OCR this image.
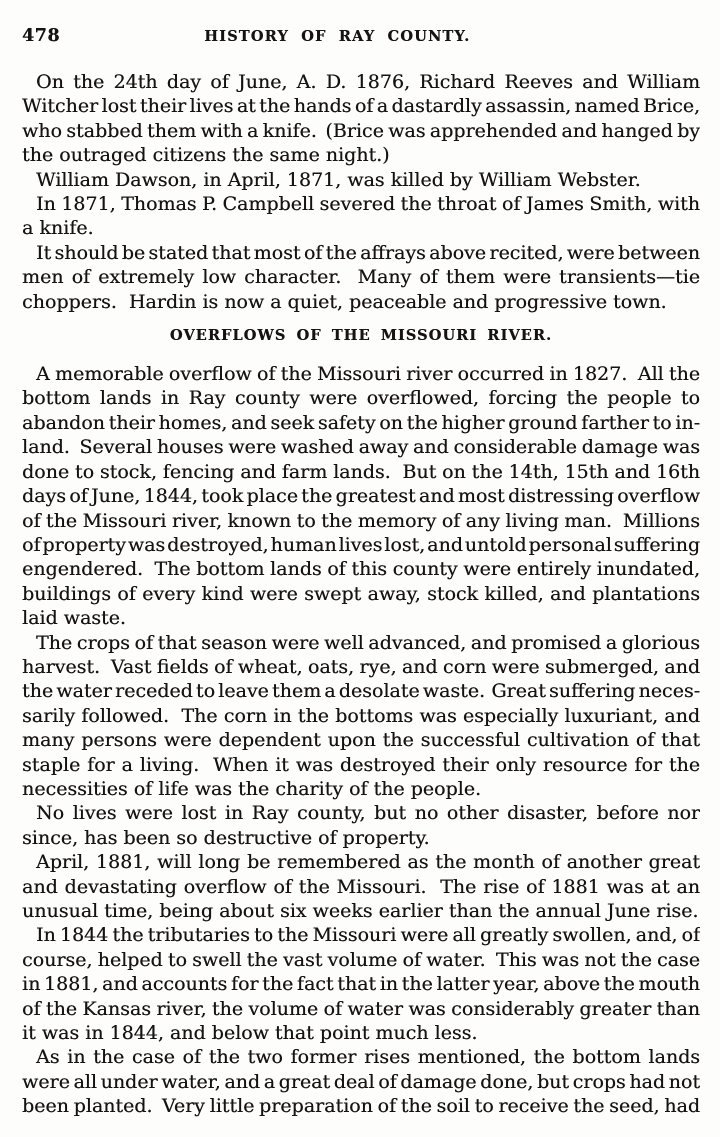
478	HISTORY OF RAY COUNTY.
On the 24th day of June, A. D. 1876, Richard Reeves and William
Witcher lost their lives at the hands of a dastardly assassin, named Brice,
who stabbed them with a knife.  (Brice was apprehended and hanged by
the outraged citizens the same night.)
William Dawson, in April, 1871, was killed by William Webster.
In 1871, Thomas P. Campbell severed the throat of James Smith, with
a knife.
It should be stated that most of the affrays above recited, were between
men of extremely low character.  Many of them were transients—tie
choppers.  Hardin is now a quiet, peaceable and progressive town.
OVERFLOWS OF THE MISSOURI RIVER.
A memorable overflow of the Missouri river occurred in 1827.  All the
bottom lands in Ray county were overflowed, forcing the people to
abandon their homes, and seek safety on the higher ground farther to in-
land.  Several houses were washed away and considerable damage was
done to stock, fencing and farm lands.  But on the 14th, 15th and 16th
days of June, 1844, took place the greatest and most distressing overflow
of the Missouri river, known to the memory of any living man.  Millions
of property was destroyed, human lives lost, and untold personal suffering
engendered.  The bottom lands of this county were entirely inundated,
buildings of every kind were swept away, stock killed, and plantations
laid waste.
The crops of that season were well advanced, and promised a glorious
harvest.  Vast fields of wheat, oats, rye, and corn were submerged, and
the water receded to leave them a desolate waste.  Great suffering neces-
sarily followed.  The corn in the bottoms was especially luxuriant, and
many persons were dependent upon the successful cultivation of that
staple for a living.  When it was destroyed their only resource for the
necessities of life was the charity of the people.
No lives were lost in Ray county, but no other disaster, before nor
since, has been so destructive of property.
April, 1881, will long be remembered as the month of another great
and devastating overflow of the Missouri.  The rise of 1881 was at an
unusual time, being about six weeks earlier than the annual June rise.
In 1844 the tributaries to the Missouri were all greatly swollen, and, of
course, helped to swell the vast volume of water.  This was not the case
in 1881, and accounts for the fact that in the latter year, above the mouth
of the Kansas river, the volume of water was considerably greater than
it was in 1844, and below that point much less.
As in the case of the two former rises mentioned, the bottom lands
were all under water, and a great deal of damage done, but crops had not
been planted.  Very little preparation of the soil to receive the seed, had
